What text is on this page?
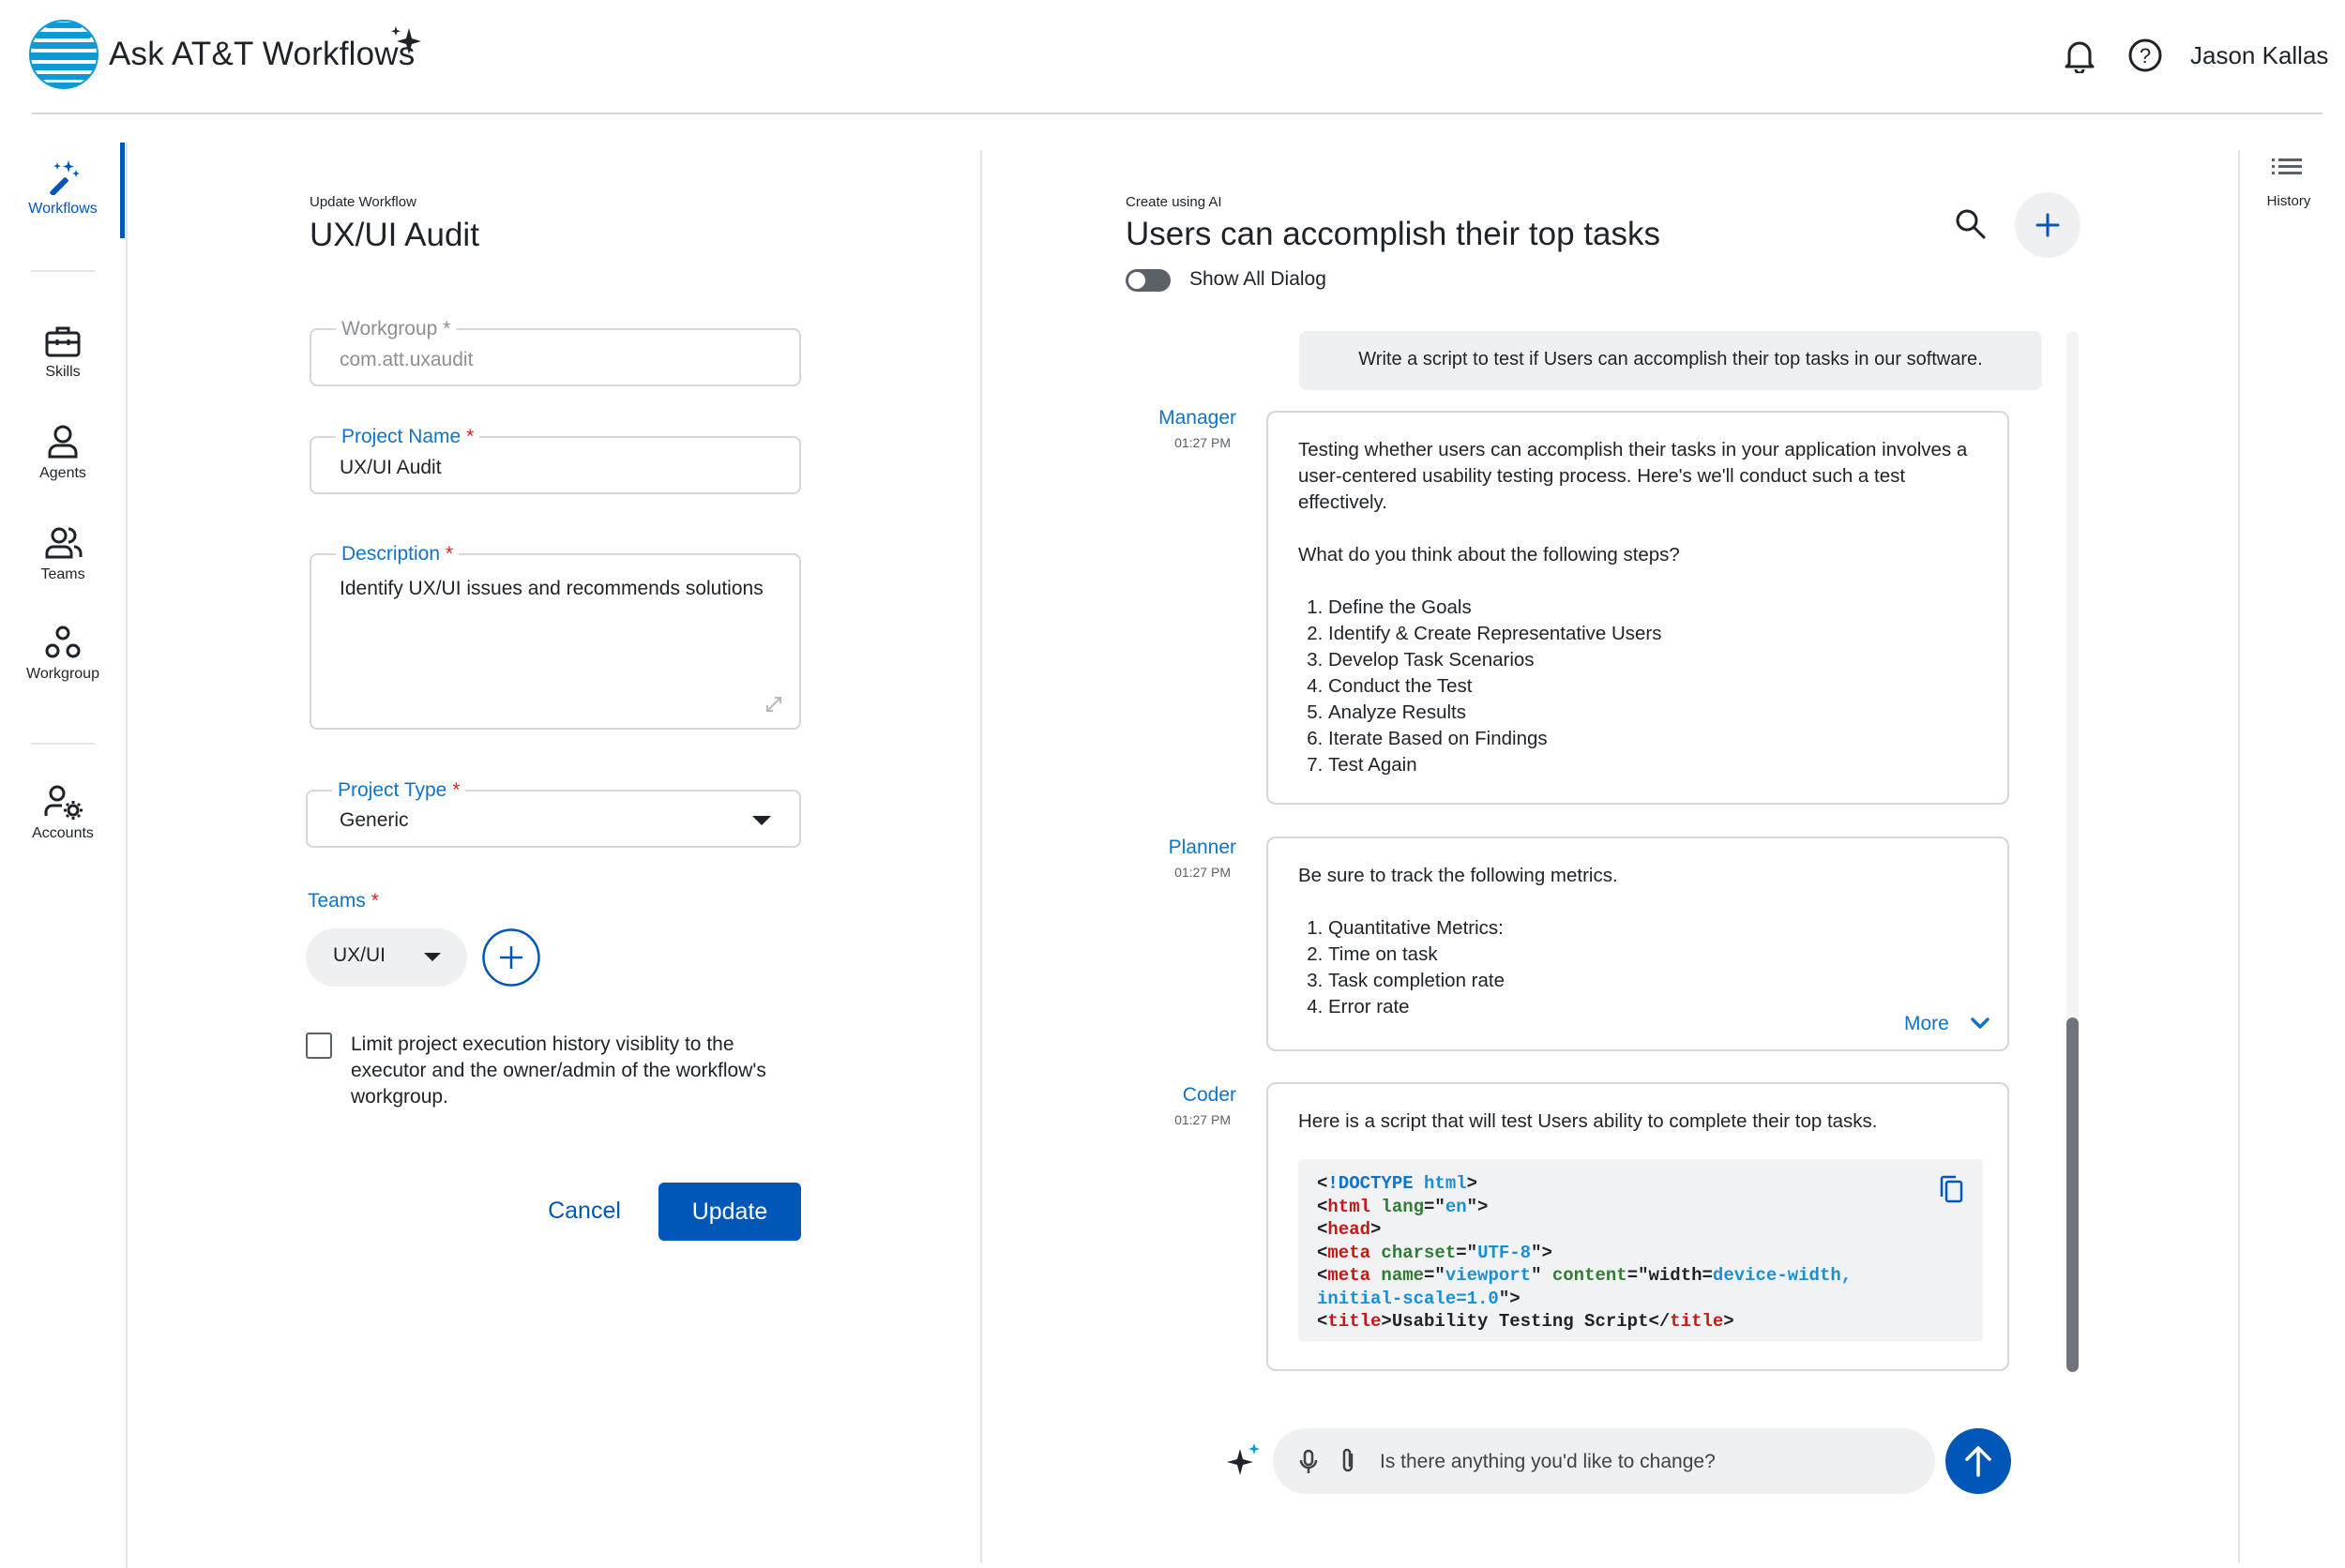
Ask AT&T Workflows	? Jason Kallas
Workflows
Skills
Agents
Teams
Workgroup
Accounts
Update Workflow
UX/UI Audit
Workgroup *
com.att.uxaudit
Project Name *
UX/UI Audit
Description *
Identify UX/UI issues and recommends solutions
Project Type *
Generic
Teams *
UX/UI
Limit project execution history visiblity to the executor and the owner/admin of the workflow's workgroup.
Cancel	Update
Create using AI
Users can accomplish their top tasks
Show All Dialog
Write a script to test if Users can accomplish their top tasks in our software.
Manager
01:27 PM	Testing whether users can accomplish their tasks in your application involves a user-centered usability testing process. Here's we'll conduct such a test effectively.

What do you think about the following steps?

1. Define the Goals
2. Identify & Create Representative Users
3. Develop Task Scenarios
4. Conduct the Test
5. Analyze Results
6. Iterate Based on Findings
7. Test Again
Planner
01:27 PM	Be sure to track the following metrics.

1. Quantitative Metrics:
2. Time on task
3. Task completion rate
4. Error rate
More
Coder
01:27 PM	Here is a script that will test Users ability to complete their top tasks.
<!DOCTYPE html>
<html lang="en">
<head>
<meta charset="UTF-8">
<meta name="viewport" content="width=device-width,
initial-scale=1.0">
<title>Usability Testing Script</title>
Is there anything you'd like to change?
History
